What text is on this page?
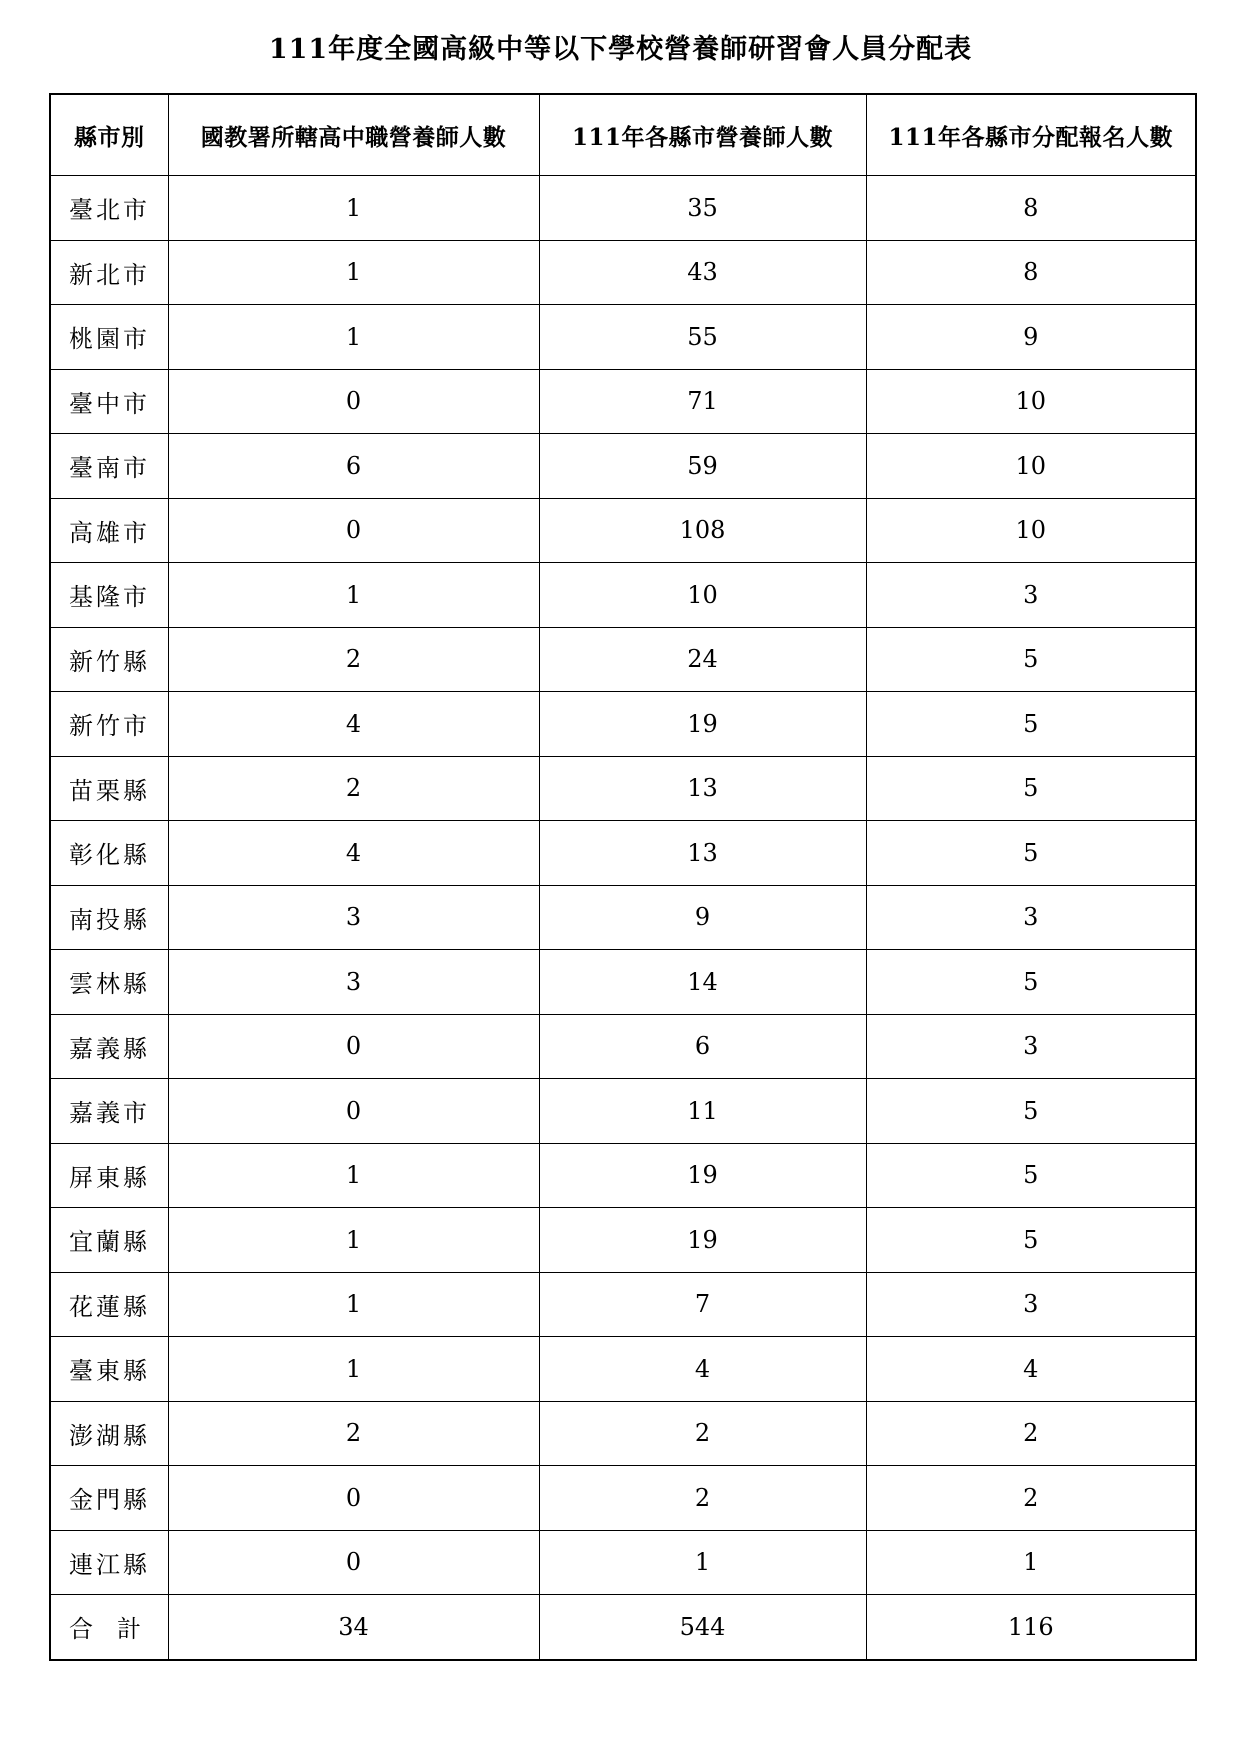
111年度全國高級中等以下學校營養師研習會人員分配表
縣市別	國教署所轄高中職營養師人數	111年各縣市營養師人數	111年各縣市分配報名人數
臺北市	1	35	8
新北市	1	43	8
桃園市	1	55	9
臺中市	0	71	10
臺南市	6	59	10
高雄市	0	108	10
基隆市	1	10	3
新竹縣	2	24	5
新竹市	4	19	5
苗栗縣	2	13	5
彰化縣	4	13	5
南投縣	3	9	3
雲林縣	3	14	5
嘉義縣	0	6	3
嘉義市	0	11	5
屏東縣	1	19	5
宜蘭縣	1	19	5
花蓮縣	1	7	3
臺東縣	1	4	4
澎湖縣	2	2	2
金門縣	0	2	2
連江縣	0	1	1
合計	34	544	116
